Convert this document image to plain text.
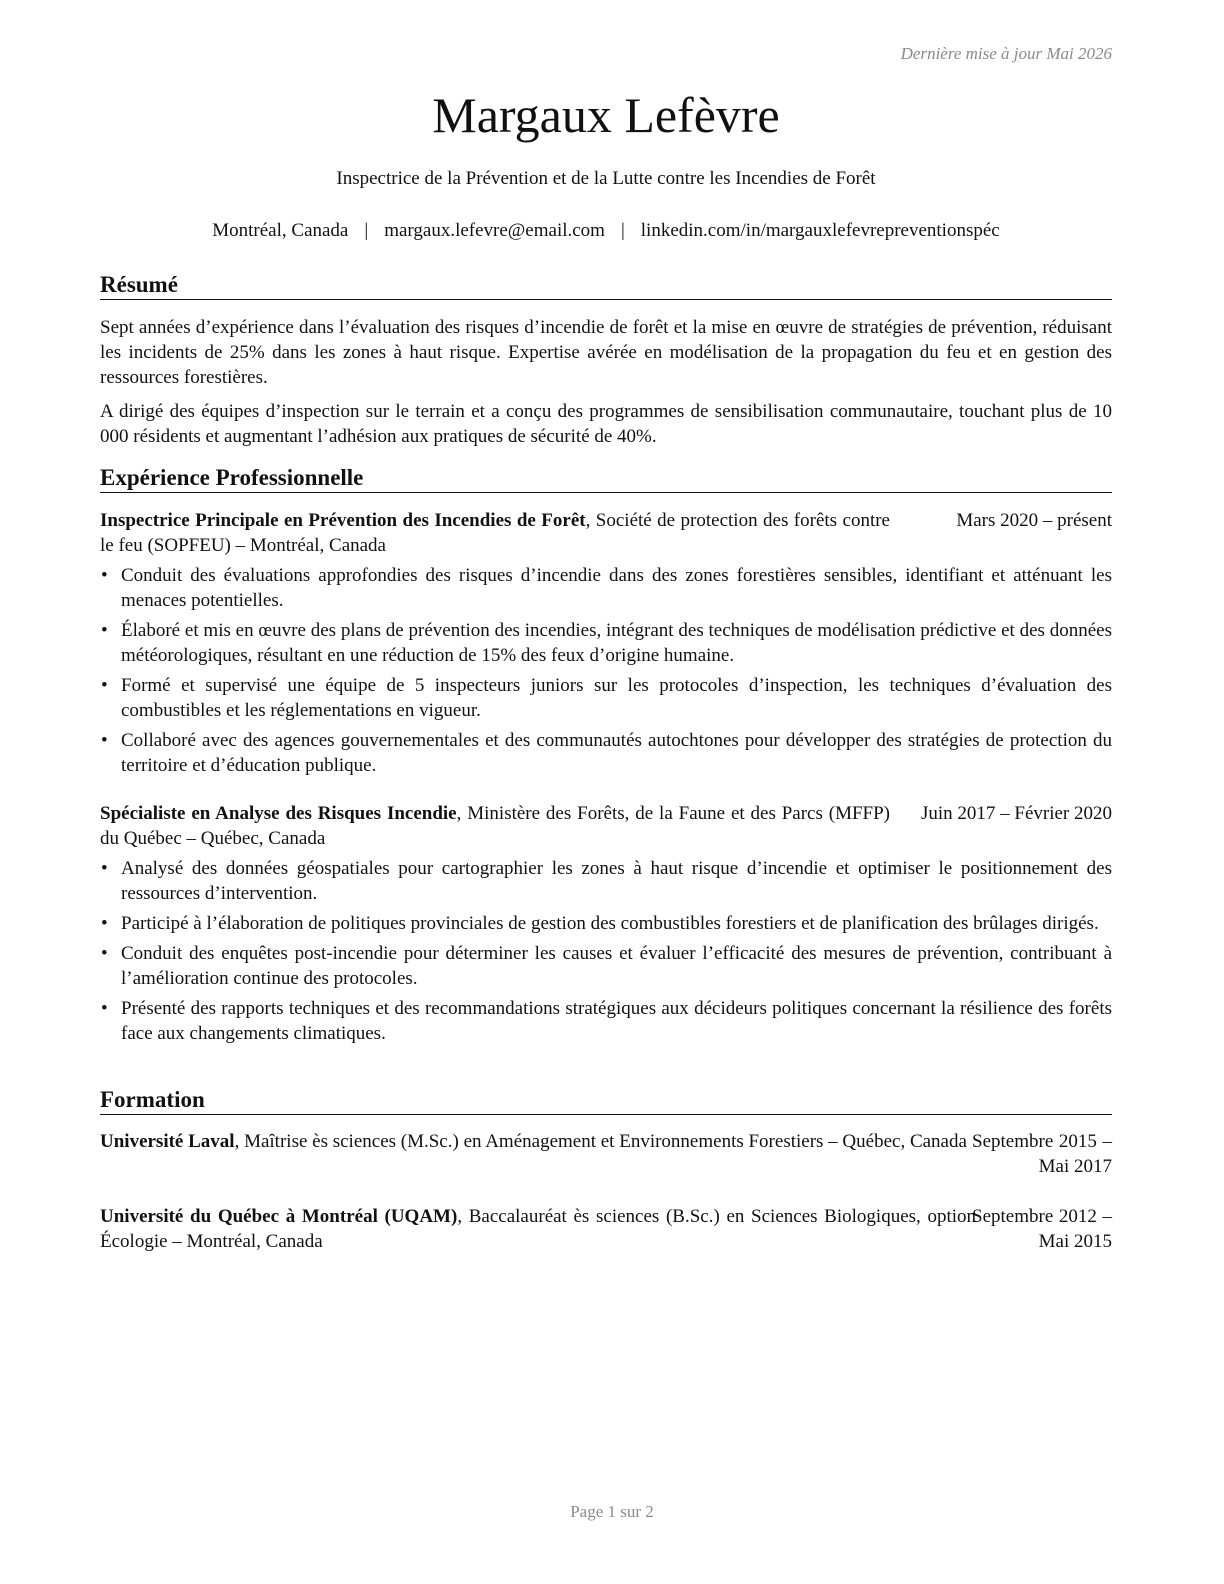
Dernière mise à jour Mai 2026
Margaux Lefèvre
Inspectrice de la Prévention et de la Lutte contre les Incendies de Forêt
Montréal, Canada | margaux.lefevre@email.com | linkedin.com/in/margauxlefevrepreventionspéc
Résumé

Sept années d’expérience dans l’évaluation des risques d’incendie de forêt et la mise en œuvre de stratégies de prévention, réduisant les incidents de 25% dans les zones à haut risque. Expertise avérée en modélisation de la propagation du feu et en gestion des ressources forestières.

A dirigé des équipes d’inspection sur le terrain et a conçu des programmes de sensibilisation communautaire, touchant plus de 10 000 résidents et augmentant l’adhésion aux pratiques de sécurité de 40%.

Expérience Professionnelle
Inspectrice Principale en Prévention des Incendies de Forêt, Société de protection des forêts contre le feu (SOPFEU) – Montréal, Canada
Mars 2020 – présent
• Conduit des évaluations approfondies des risques d’incendie dans des zones forestières sensibles, identifiant et atténuant les menaces potentielles.
• Élaboré et mis en œuvre des plans de prévention des incendies, intégrant des techniques de modélisation prédictive et des données météorologiques, résultant en une réduction de 15% des feux d’origine humaine.
• Formé et supervisé une équipe de 5 inspecteurs juniors sur les protocoles d’inspection, les techniques d’évaluation des combustibles et les réglementations en vigueur.
• Collaboré avec des agences gouvernementales et des communautés autochtones pour développer des stratégies de protection du territoire et d’éducation publique.
Spécialiste en Analyse des Risques Incendie, Ministère des Forêts, de la Faune et des Parcs (MFFP) du Québec – Québec, Canada
Juin 2017 – Février 2020
• Analysé des données géospatiales pour cartographier les zones à haut risque d’incendie et optimiser le positionnement des ressources d’intervention.
• Participé à l’élaboration de politiques provinciales de gestion des combustibles forestiers et de planification des brûlages dirigés.
• Conduit des enquêtes post-incendie pour déterminer les causes et évaluer l’efficacité des mesures de prévention, contribuant à l’amélioration continue des protocoles.
• Présenté des rapports techniques et des recommandations stratégiques aux décideurs politiques concernant la résilience des forêts face aux changements climatiques.
Formation
Université Laval, Maîtrise ès sciences (M.Sc.) en Aménagement et Environnements Forestiers – Québec, Canada Septembre 2015 – Mai 2017
Université du Québec à Montréal (UQAM), Baccalauréat ès sciences (B.Sc.) en Sciences Biologiques, option Écologie – Montréal, Canada
Septembre 2012 – Mai 2015
Page 1 sur 2
